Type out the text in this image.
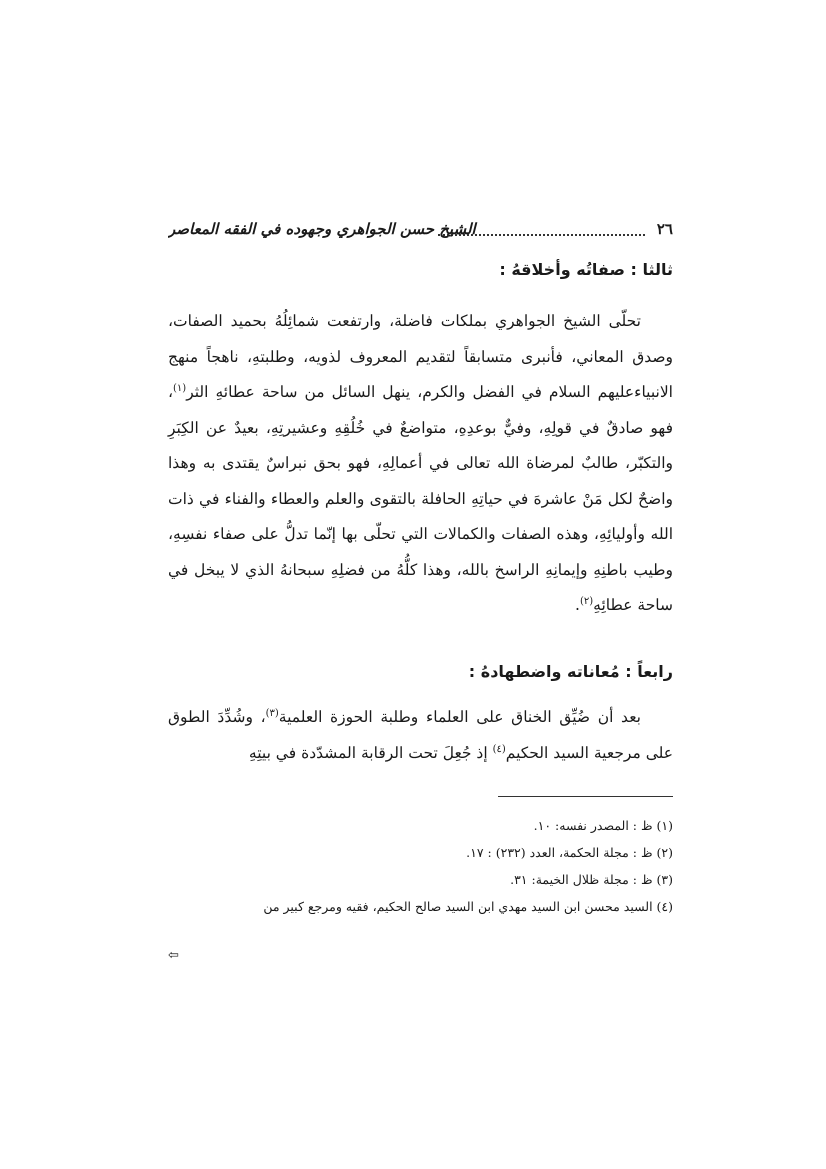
٢٦
الشيخ حسن الجواهري وجهوده في الفقه المعاصر
ثالثا : صفاتُه وأخلاقهُ :
تحلّى الشيخ الجواهري بملكات فاضلة، وارتفعت شمائِلُهُ بحميد الصفات، وصدق المعاني، فأنبرى متسابقاً لتقديم المعروف لذويه، وطلبتهِ، ناهجاً منهج الانبياءعليهم السلام في الفضل والكرم، ينهل السائل من ساحة عطائهِ الثر$^{(١)}$، فهو صادقٌ في قولِهِ، وفيٌّ بوعدِهِ، متواضعٌ في خُلُقِهِ وعشيرتِهِ، بعيدٌ عن الكِبَرِ والتكبّر، طالبٌ لمرضاة الله تعالى في أعمالِهِ، فهو بحق نبراسٌ يقتدى به وهذا واضحٌ لكل مَنْ عاشرهَ في حياتِهِ الحافلة بالتقوى والعلم والعطاء والفناء في ذات الله وأوليائِهِ، وهذه الصفات والكمالات التي تحلّى بها إنّما تدلُّ على صفاء نفسِهِ، وطيب باطنِهِ وإيمانِهِ الراسخ بالله، وهذا كلُّهُ من فضلِهِ سبحانهُ الذي لا يبخل في ساحة عطائِهِ$^{(٢)}$.
رابعاً : مُعاناته واضطهادهُ :
بعد أن ضُيِّق الخناق على العلماء وطلبة الحوزة العلمية$^{(٣)}$، وشُدِّدَ الطوق على مرجعية السيد الحكيم$^{(٤)}$ إذ جُعِلَ تحت الرقابة المشدّدة في بيتِهِ
(١) ظ : المصدر نفسه: ١٠.
(٢) ظ : مجلة الحكمة، العدد (٢٣٢) : ١٧.
(٣) ظ : مجلة ظلال الخيمة: ٣١.
(٤) السيد محسن ابن السيد مهدي ابن السيد صالح الحكيم، فقيه ومرجع كبير من
⇦
